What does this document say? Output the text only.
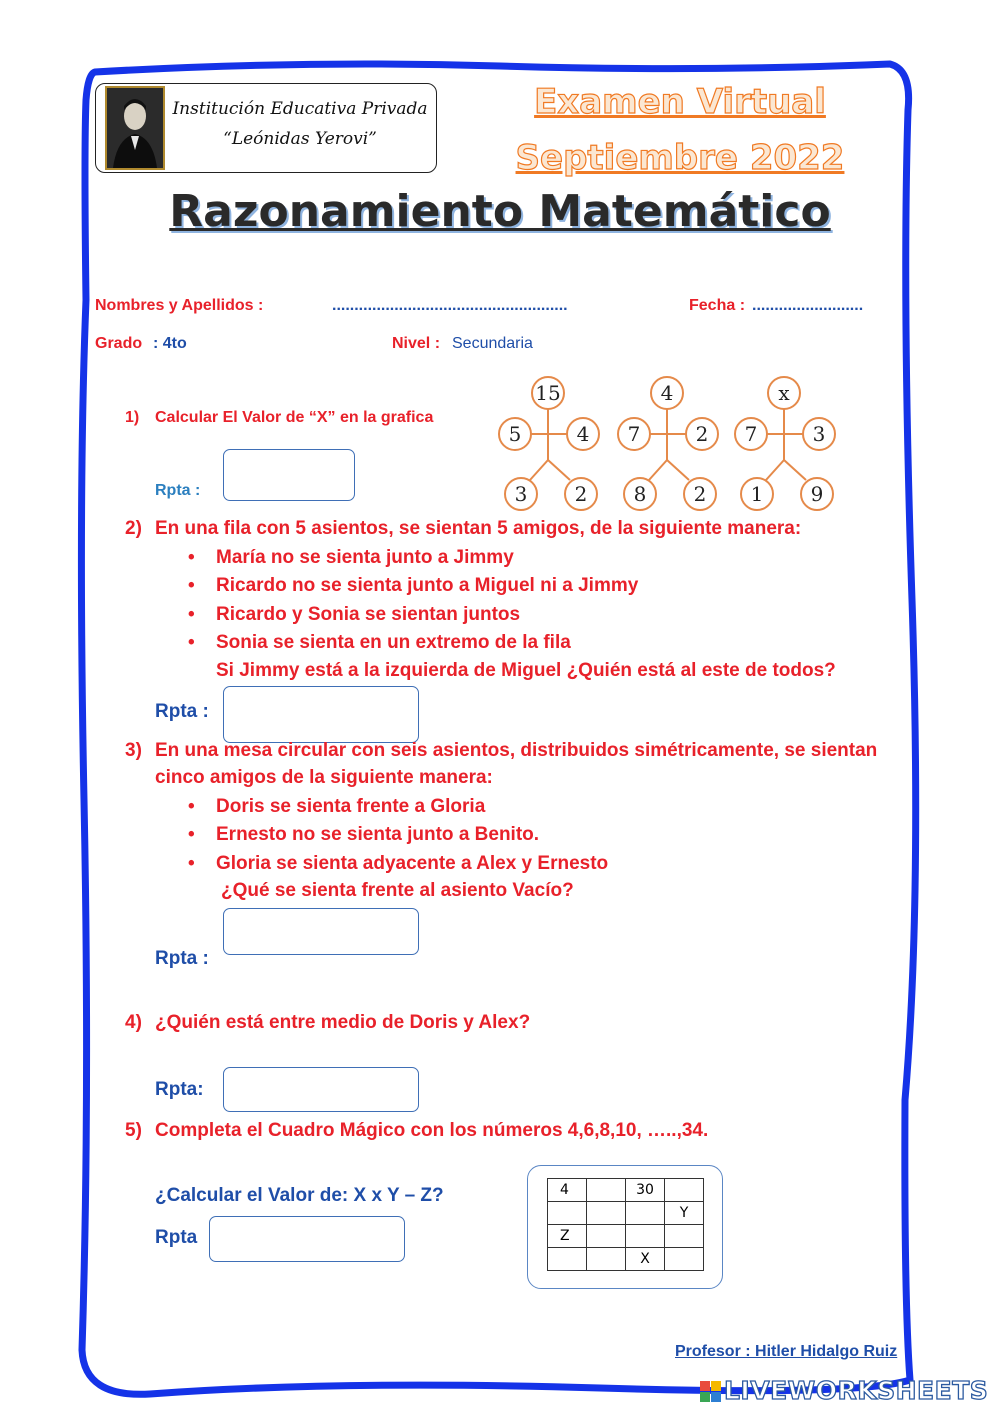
Institución Educativa Privada
“Leónidas Yerovi”
Examen Virtual
Septiembre 2022
Razonamiento Matemático
Nombres y Apellidos :	.....................................................	Fecha : .........................
Grado : 4to	Nivel : Secundaria
1) Calcular El Valor de “X” en la grafica
Rpta :
15
5	4
3 2
4
7	2
8 2
x
7	3
1 9
2) En una fila con 5 asientos, se sientan 5 amigos, de la siguiente manera:
• María no se sienta junto a Jimmy
• Ricardo no se sienta junto a Miguel ni a Jimmy
• Ricardo y Sonia se sientan juntos
• Sonia se sienta en un extremo de la fila
Si Jimmy está a la izquierda de Miguel ¿Quién está al este de todos?
Rpta :
3) En una mesa circular con seis asientos, distribuidos simétricamente, se sientan
cinco amigos de la siguiente manera:
• Doris se sienta frente a Gloria
• Ernesto no se sienta junto a Benito.
• Gloria se sienta adyacente a Alex y Ernesto
¿Qué se sienta frente al asiento Vacío?
Rpta :
4) ¿Quién está entre medio de Doris y Alex?
Rpta:
5) Completa el Cuadro Mágico con los números 4,6,8,10, …..,34.
¿Calcular el Valor de: X x Y – Z?
Rpta
4		30	
			Y
Z			
		X	
Profesor : Hitler Hidalgo Ruiz
LIVEWORKSHEETS
